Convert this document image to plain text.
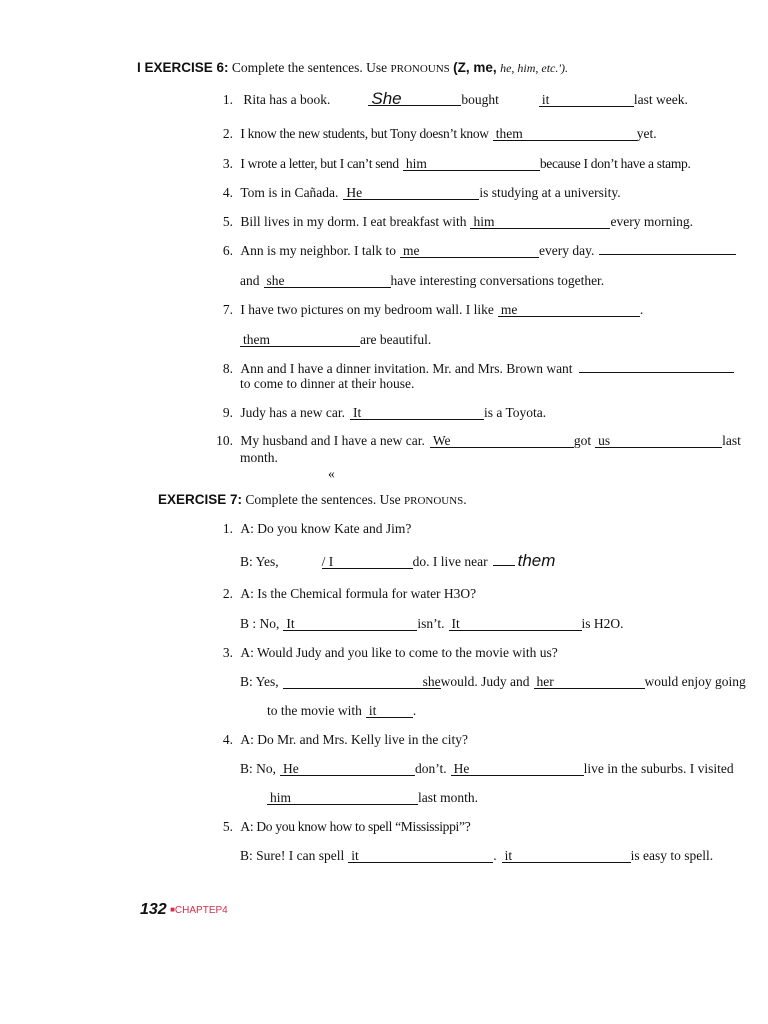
I EXERCISE 6: Complete the sentences. Use PRONOUNS (Z, me, he, him, etc.').
1. Rita has a book. She	bought	it	last week.
2. I know the new students, but Tony doesn’t know them	yet.
3. I wrote a letter, but I can’t send him	because I don’t have a stamp.
4. Tom is in Cañada. He	is studying at a university.
5. Bill lives in my dorm. I eat breakfast with him	every morning.
6. Ann is my neighbor. I talk to me	every day.
and she	have interesting conversations together.
7. I have two pictures on my bedroom wall. I like me	.
them	are beautiful.
8. Ann and I have a dinner invitation. Mr. and Mrs. Brown want
to come to dinner at their house.
9. Judy has a new car. It	is a Toyota.
10. My husband and I have a new car. We	got us	last
month.
«
EXERCISE 7: Complete the sentences. Use PRONOUNS.
1. A: Do you know Kate and Jim?
B: Yes,	/ I	do. I live near them
2. A: Is the Chemical formula for water H3O?
B : No, It	isn’t. It	is H2O.
3. A: Would Judy and you like to come to the movie with us?
B: Yes,	shewould. Judy and her	would enjoy going
to the movie with it	.
4. A: Do Mr. and Mrs. Kelly live in the city?
B: No, He	don’t. He	live in the suburbs. I visited
him	last month.
5. A: Do you know how to spell “Mississippi”?
B: Sure! I can spell it	. it	is easy to spell.
132 ■CHAPTEP4
